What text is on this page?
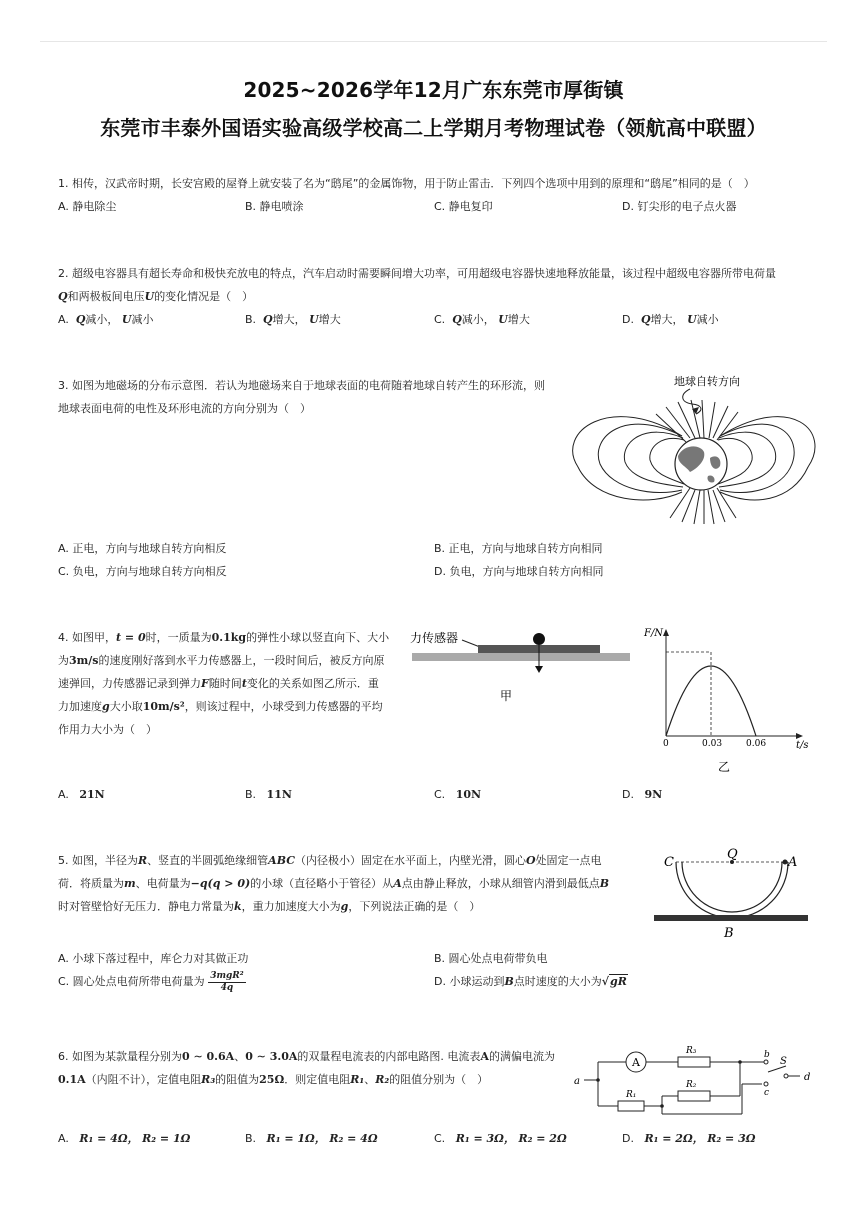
2025~2026学年12月广东东莞市厚街镇
东莞市丰泰外国语实验高级学校高二上学期月考物理试卷（领航高中联盟）
1. 相传，汉武帝时期，长安宫殿的屋脊上就安装了名为“鸱尾”的金属饰物，用于防止雷击．下列四个选项中用到的原理和“鸱尾”相同的是（　）
A. 静电除尘	B. 静电喷涂	C. 静电复印	D. 钉尖形的电子点火器
2. 超级电容器具有超长寿命和极快充放电的特点，汽车启动时需要瞬间增大功率，可用超级电容器快速地释放能量，该过程中超级电容器所带电荷量
Q和两极板间电压U的变化情况是（　）
A. Q减小， U减小	B. Q增大， U增大	C. Q减小， U增大	D. Q增大， U减小
3. 如图为地磁场的分布示意图．若认为地磁场来自于地球表面的电荷随着地球自转产生的环形流，则
地球表面电荷的电性及环形电流的方向分别为（　）
地球自转方向
A. 正电，方向与地球自转方向相反	B. 正电，方向与地球自转方向相同
C. 负电，方向与地球自转方向相反	D. 负电，方向与地球自转方向相同
4. 如图甲，t = 0时，一质量为0.1kg的弹性小球以竖直向下、大小
为3m/s的速度刚好落到水平力传感器上，一段时间后，被反方向原
速弹回，力传感器记录到弹力F随时间t变化的关系如图乙所示．重
力加速度g大小取10m/s²，则该过程中，小球受到力传感器的平均
作用力大小为（　）
力传感器
甲
F/N
0	0.03	0.06	t/s
乙
A. 21N	B. 11N	C. 10N	D. 9N
5. 如图，半径为R、竖直的半圆弧绝缘细管ABC（内径极小）固定在水平面上，内壁光滑，圆心O处固定一点电
荷．将质量为m、电荷量为−q(q > 0)的小球（直径略小于管径）从A点由静止释放，小球从细管内滑到最低点B
时对管壁恰好无压力．静电力常量为k，重力加速度大小为g，下列说法正确的是（　）
C
Q
A
B
A. 小球下落过程中，库仑力对其做正功	B. 圆心处点电荷带负电
C. 圆心处点电荷所带电荷量为 $\frac{\text{3mgR²}}{4q}$	D. 小球运动到B点时速度的大小为√gR
6. 如图为某款量程分别为0 ∼ 0.6A、0 ∼ 3.0A的双量程电流表的内部电路图. 电流表A的满偏电流为
0.1A（内阻不计），定值电阻R₃的阻值为25Ω．则定值电阻R₁、R₂的阻值分别为（　）
A
R₃
R₁
R₂
a
b
c
d
S
A. R₁ = 4Ω， R₂ = 1Ω	B. R₁ = 1Ω， R₂ = 4Ω	C. R₁ = 3Ω， R₂ = 2Ω	D. R₁ = 2Ω， R₂ = 3Ω
